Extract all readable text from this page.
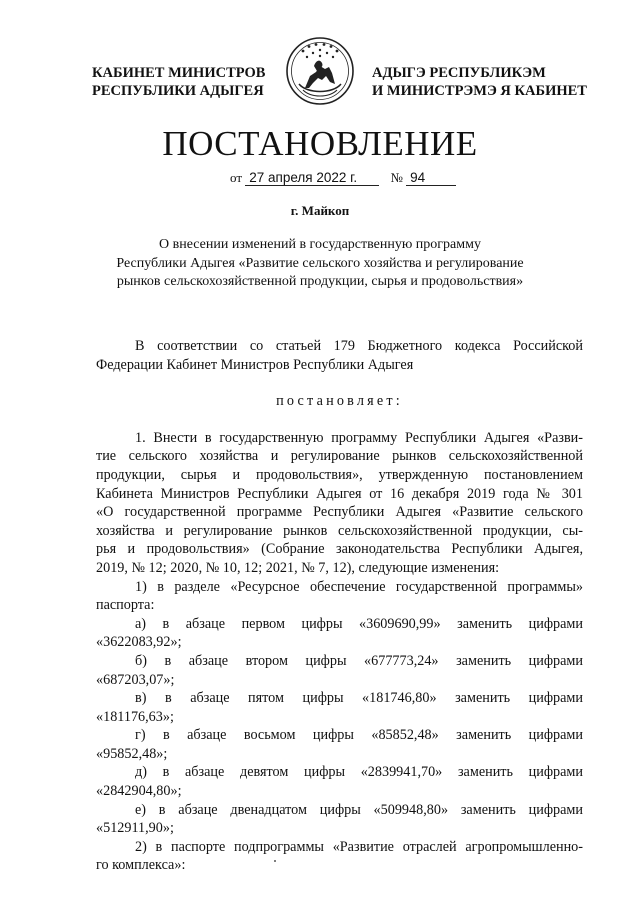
КАБИНЕТ МИНИСТРОВ
РЕСПУБЛИКИ АДЫГЕЯ
АДЫГЭ РЕСПУБЛИКЭМ
И МИНИСТРЭМЭ Я КАБИНЕТ
ПОСТАНОВЛЕНИЕ
от 27 апреля 2022 г.	№ 94
г. Майкоп
О внесении изменений в государственную программу
Республики Адыгея «Развитие сельского хозяйства и регулирование
рынков сельскохозяйственной продукции, сырья и продовольствия»

В соответствии со статьей 179 Бюджетного кодекса Российской

Федерации Кабинет Министров Республики Адыгея

постановляет:

1. Внести в государственную программу Республики Адыгея «Разви-

тие сельского хозяйства и регулирование рынков сельскохозяйственной

продукции, сырья и продовольствия», утвержденную постановлением

Кабинета Министров Республики Адыгея от 16 декабря 2019 года № 301

«О государственной программе Республики Адыгея «Развитие сельского

хозяйства и регулирование рынков сельскохозяйственной продукции, сы-

рья и продовольствия» (Собрание законодательства Республики Адыгея,

2019, № 12; 2020, № 10, 12; 2021, № 7, 12), следующие изменения:

1) в разделе «Ресурсное обеспечение государственной программы»

паспорта:

а) в абзаце первом цифры «3609690,99» заменить цифрами

«3622083,92»;

б) в абзаце втором цифры «677773,24» заменить цифрами

«687203,07»;

в) в абзаце пятом цифры «181746,80» заменить цифрами

«181176,63»;

г) в абзаце восьмом цифры «85852,48» заменить цифрами

«95852,48»;

д) в абзаце девятом цифры «2839941,70» заменить цифрами

«2842904,80»;

е) в абзаце двенадцатом цифры «509948,80» заменить цифрами

«512911,90»;

2) в паспорте подпрограммы «Развитие отраслей агропромышленно-

го комплекса»:
